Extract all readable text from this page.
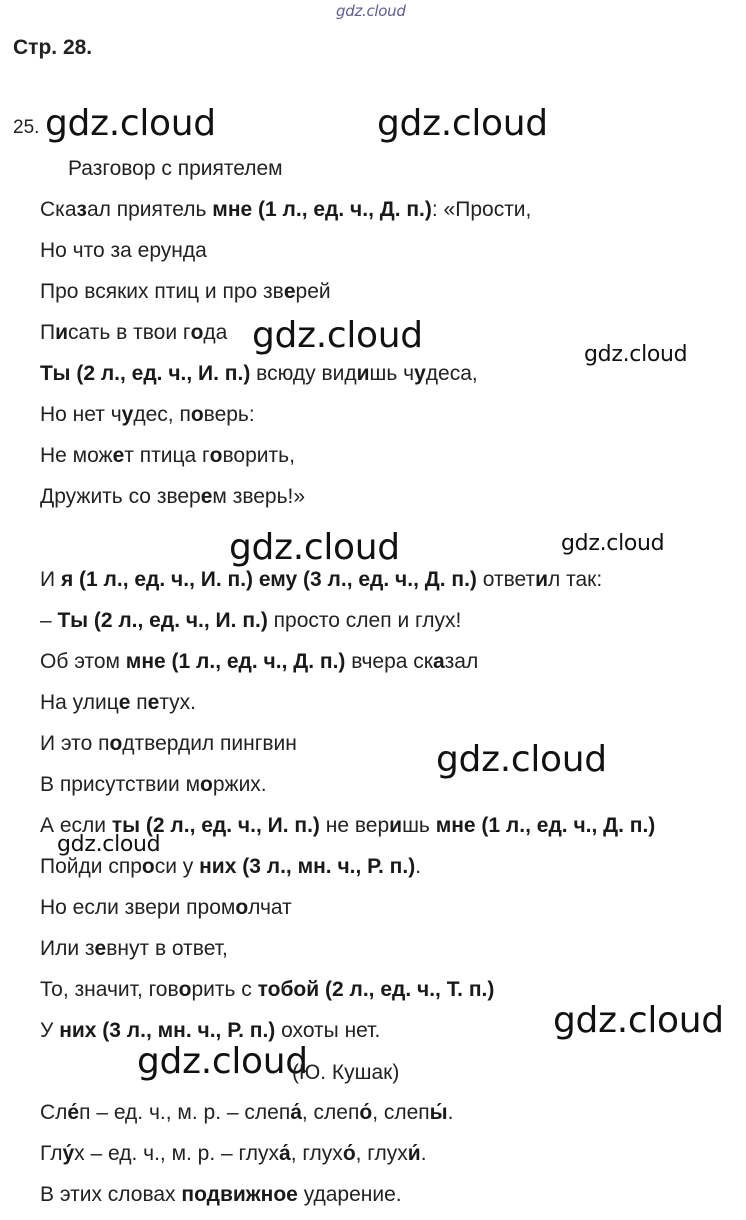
gdz.cloud
Стр. 28.
25. gdz.cloud	gdz.cloud
Разговор с приятелем
Сказал приятель мне (1 л., ед. ч., Д. п.): «Прости,
Но что за ерунда
Про всяких птиц и про зверей
Писать в твои года
Ты (2 л., ед. ч., И. п.) всюду видишь чудеса,
Но нет чудес, поверь:
Не может птица говорить,
Дружить со зверем зверь!»
И я (1 л., ед. ч., И. п.) ему (3 л., ед. ч., Д. п.) ответил так:
– Ты (2 л., ед. ч., И. п.) просто слеп и глух!
Об этом мне (1 л., ед. ч., Д. п.) вчера сказал
На улице петух.
И это подтвердил пингвин
В присутствии моржих.
А если ты (2 л., ед. ч., И. п.) не веришь мне (1 л., ед. ч., Д. п.)
Пойди спроси у них (3 л., мн. ч., Р. п.).
Но если звери промолчат
Или зевнут в ответ,
То, значит, говорить с тобой (2 л., ед. ч., Т. п.)
У них (3 л., мн. ч., Р. п.) охоты нет.
gdz.cloud	gdz.cloud
gdz.cloud	gdz.cloud
gdz.cloud
gdz.cloud
gdz.cloud
gdz.cloud
(Ю. Кушак)
Сле́п – ед. ч., м. р. – слепа́, слепо́, слепы́.
Глу́х – ед. ч., м. р. – глуха́, глухо́, глухи́.
В этих словах подвижное ударение.
